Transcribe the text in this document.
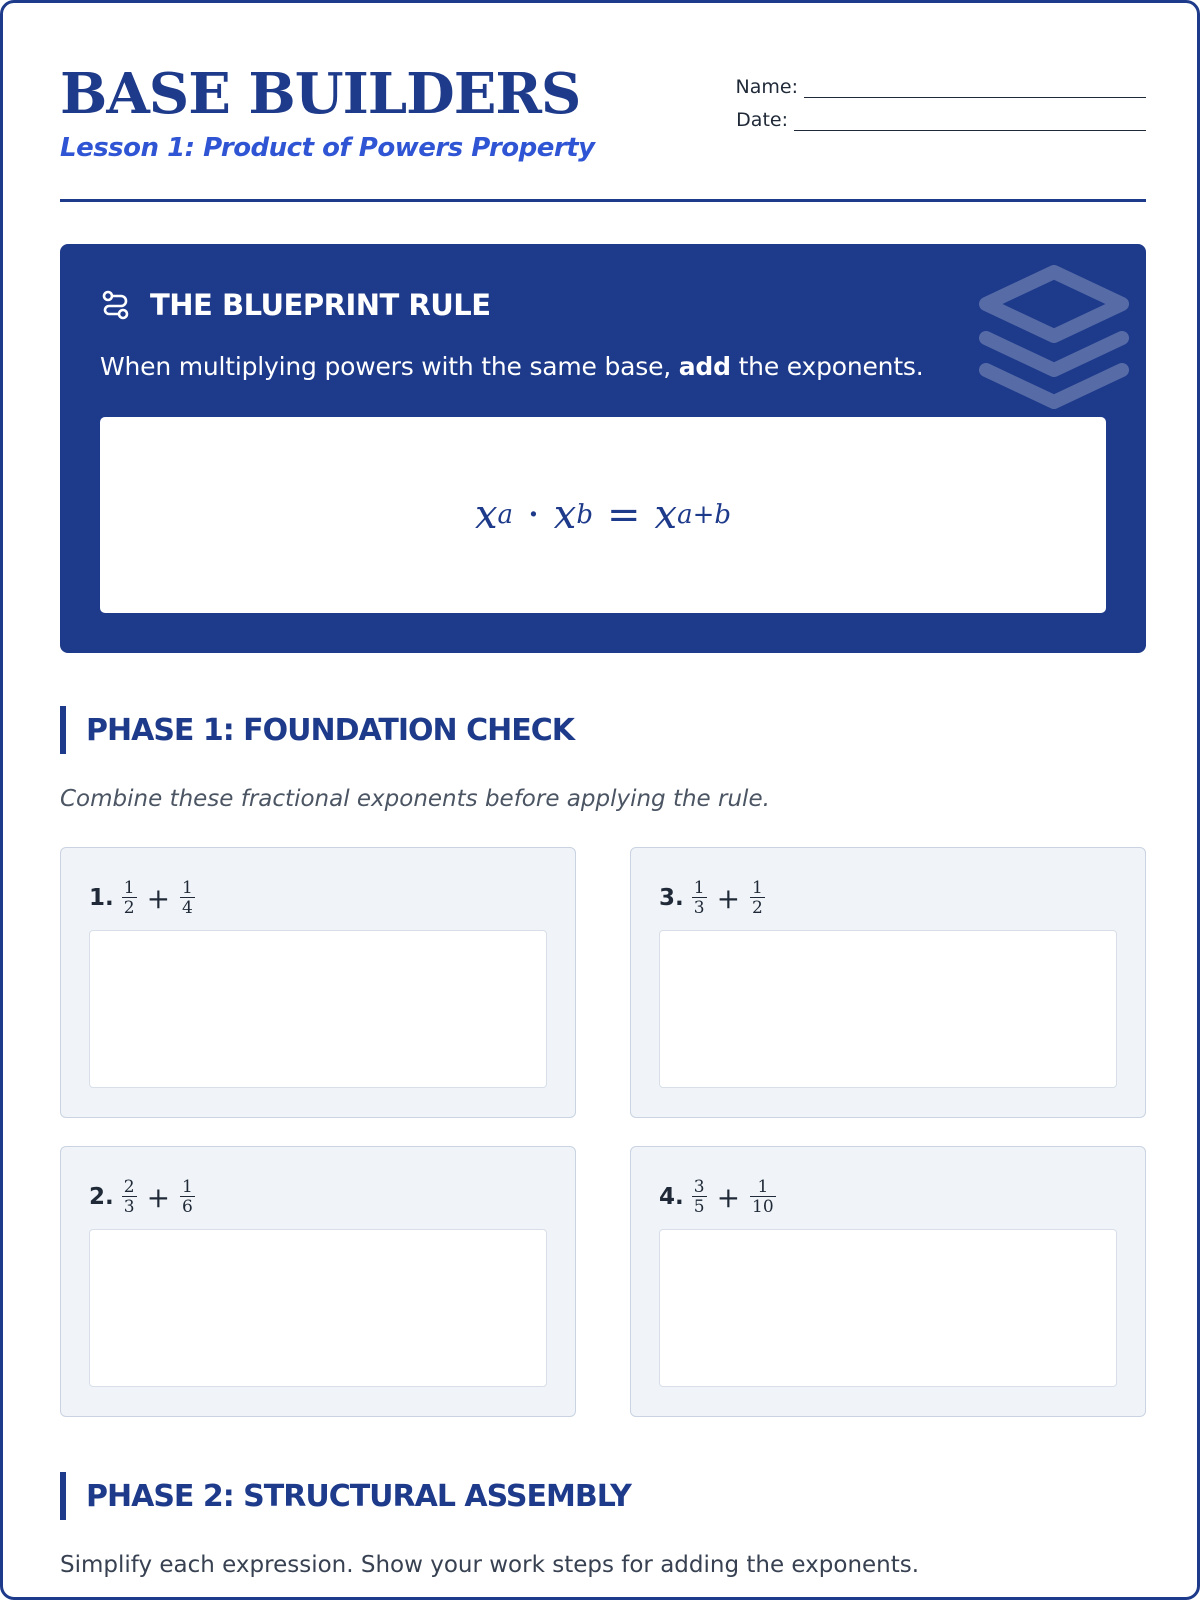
BASE BUILDERS
Lesson 1: Product of Powers Property
Name:
Date:
THE BLUEPRINT RULE
When multiplying powers with the same base, add the exponents.
x a · x b = x a+b
PHASE 1: FOUNDATION CHECK
Combine these fractional exponents before applying the rule.
1. $\frac{1}{2} + \frac{1}{4}$	3. $\frac{1}{3} + \frac{1}{2}$
2. $\frac{2}{3} + \frac{1}{6}$	4. $\frac{3}{5} + \frac{1}{10}$
PHASE 2: STRUCTURAL ASSEMBLY
Simplify each expression. Show your work steps for adding the exponents.
